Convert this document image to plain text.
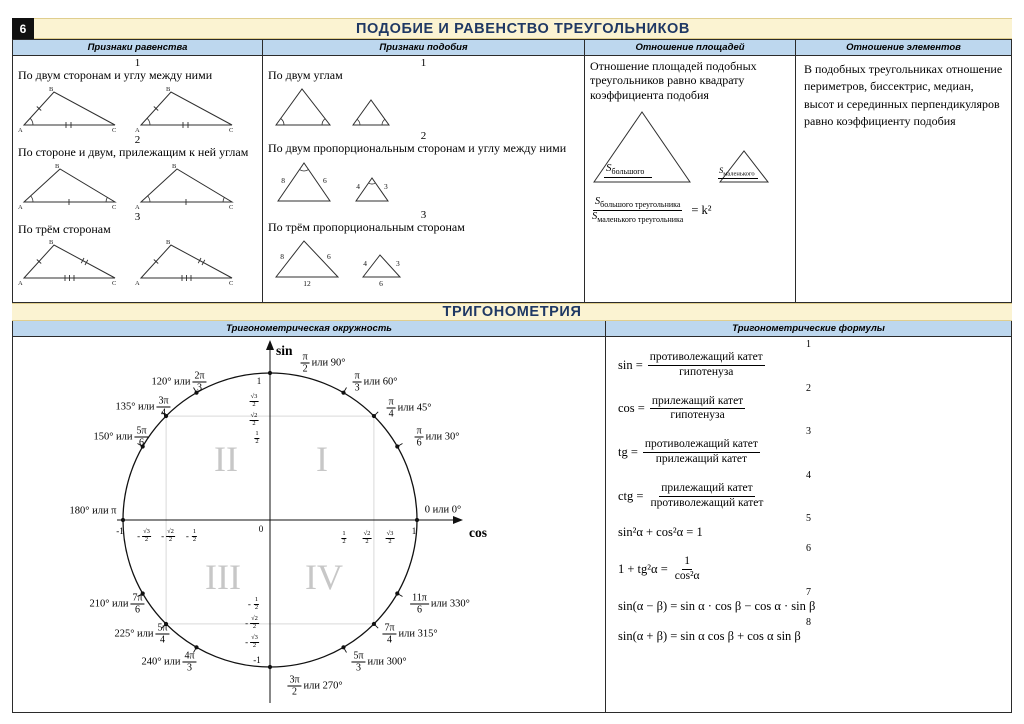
6	ПОДОБИЕ И РАВЕНСТВО ТРЕУГОЛЬНИКОВ
Признаки равенства	Признаки подобия	Отношение площадей	Отношение элементов
1
По двум сторонам и углу между ними
A
B
C	A
B
C
2
По стороне и двум, прилежащим к ней углам
A
B
C	A
B
C
3
По трём сторонам
A
B
C	A
B
C
1
По двум углам
2
По двум пропорциональным сторонам и углу между ними
8	6
4	3
3
По трём пропорциональным сторонам
8	6
12
4	3
6
Отношение площадей подобных треугольников равно квадрату коэффициента подобия
$S_{большого}$	$S_{маленького}$
$\frac{S_{большого треугольника}}{S_{маленького треугольника}} = k^2$
В подобных треугольниках отношение периметров, биссектрис, медиан, высот и серединных перпендикуляров равно коэффициенту подобия
ТРИГОНОМЕТРИЯ
Тригонометрическая окружность	Тригонометрические формулы
sin
cos
$\frac{\pi}{2}$ или 90°
$\frac{\pi}{3}$ или 60°
$\frac{\pi}{4}$ или 45°
$\frac{\pi}{6}$ или 30°
0 или 0°
120° или $\frac{2\pi}{3}$
135° или $\frac{3\pi}{4}$
150° или $\frac{5\pi}{6}$
180° или π
210° или $\frac{7\pi}{6}$
225° или $\frac{5\pi}{4}$
240° или $\frac{4\pi}{3}$
$\frac{3\pi}{2}$ или 270°
$\frac{5\pi}{3}$ или 300°
$\frac{7\pi}{4}$ или 315°
$\frac{11\pi}{6}$ или 330°
1
$\frac{√3}{2}$
$\frac{√2}{2}$
$\frac{1}{2}$
- $\frac{1}{2}$
- $\frac{√2}{2}$
- $\frac{√3}{2}$
-1
$-1 - \frac{√3}{2} - \frac{√2}{2} - \frac{1}{2}$	0
$\frac{1}{2} \frac{√2}{2} \frac{√3}{2} 1$
I
II
III IV
1
$\sin = \frac{\text{противолежащий катет}}{\text{гипотенуза}}$
2
$\cos = \frac{\text{прилежащий катет}}{\text{гипотенуза}}$
3
tg = $\frac{\text{противолежащий катет}}{\text{прилежащий катет}}$
4
ctg = $\frac{\text{прилежащий катет}}{\text{противолежащий катет}}$
5
sin²α + cos²α = 1
6
$1 + tg^2\alpha = \frac{1}{\text{cos²α}}$
7
sin(α − β) = sin α · cos β − cos α · sin β
8
sin(α + β) = sin α cos β + cos α sin β
